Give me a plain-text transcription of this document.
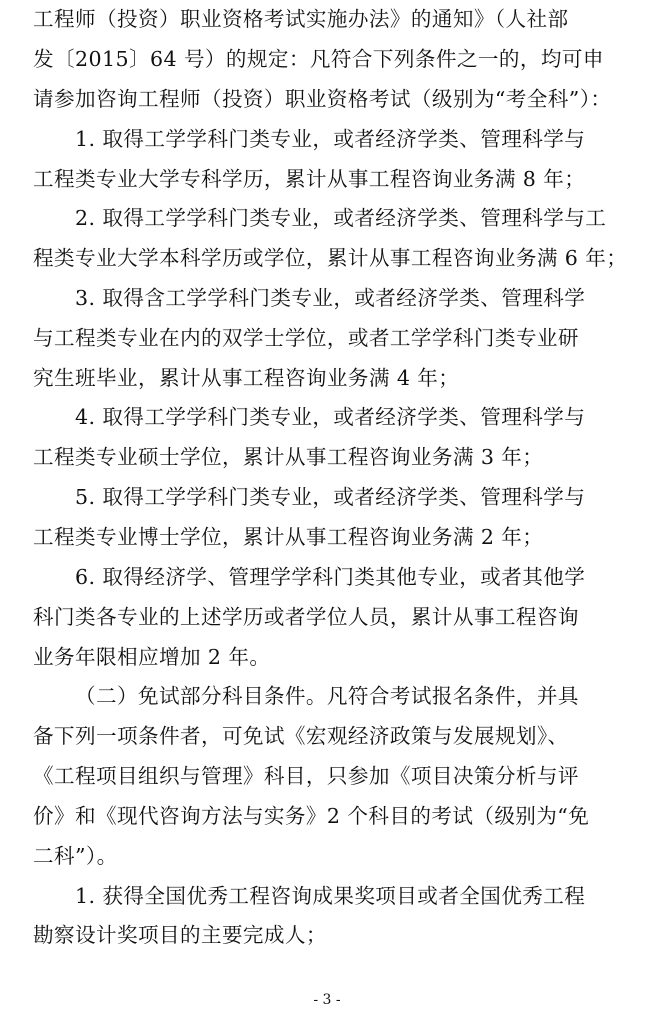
工程师（投资）职业资格考试实施办法》的通知》（人社部
发〔2015〕64 号）的规定：凡符合下列条件之一的，均可申
请参加咨询工程师（投资）职业资格考试（级别为“考全科”）：
1. 取得工学学科门类专业，或者经济学类、管理科学与
工程类专业大学专科学历，累计从事工程咨询业务满 8 年；
2. 取得工学学科门类专业，或者经济学类、管理科学与工
程类专业大学本科学历或学位，累计从事工程咨询业务满 6 年；
3. 取得含工学学科门类专业，或者经济学类、管理科学
与工程类专业在内的双学士学位，或者工学学科门类专业研
究生班毕业，累计从事工程咨询业务满 4 年；
4. 取得工学学科门类专业，或者经济学类、管理科学与
工程类专业硕士学位，累计从事工程咨询业务满 3 年；
5. 取得工学学科门类专业，或者经济学类、管理科学与
工程类专业博士学位，累计从事工程咨询业务满 2 年；
6. 取得经济学、管理学学科门类其他专业，或者其他学
科门类各专业的上述学历或者学位人员，累计从事工程咨询
业务年限相应增加 2 年。
（二）免试部分科目条件。凡符合考试报名条件，并具
备下列一项条件者，可免试《宏观经济政策与发展规划》、
《工程项目组织与管理》科目，只参加《项目决策分析与评
价》和《现代咨询方法与实务》2 个科目的考试（级别为“免
二科”）。
1. 获得全国优秀工程咨询成果奖项目或者全国优秀工程
勘察设计奖项目的主要完成人；
- 3 -
